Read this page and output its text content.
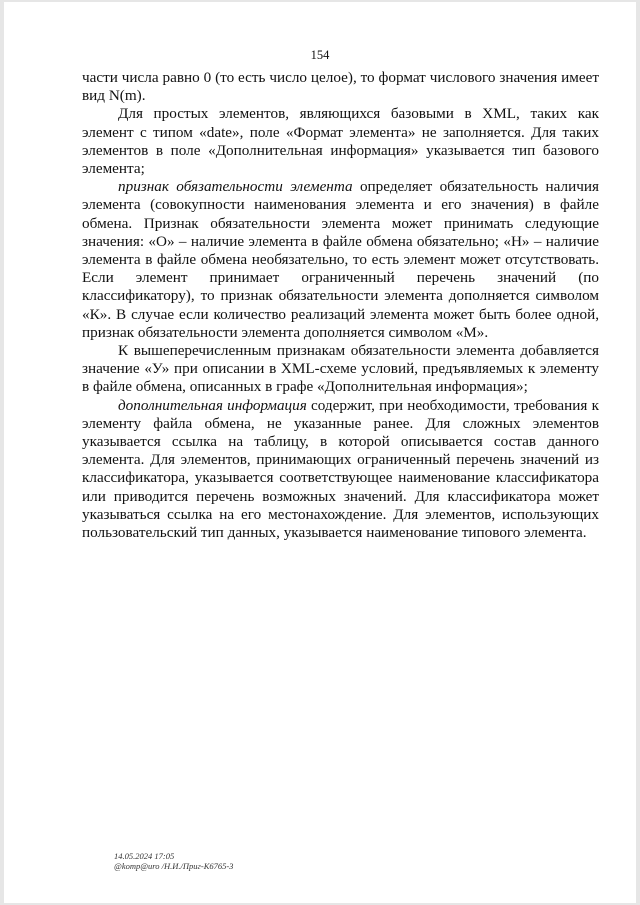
154

части числа равно 0 (то есть число целое), то формат числового значения имеет вид N(m).

Для простых элементов, являющихся базовыми в XML, таких как элемент с типом «date», поле «Формат элемента» не заполняется. Для таких элементов в поле «Дополнительная информация» указывается тип базового элемента;

признак обязательности элемента определяет обязательность наличия элемента (совокупности наименования элемента и его значения) в файле обмена. Признак обязательности элемента может принимать следующие значения: «О» – наличие элемента в файле обмена обязательно; «Н» – наличие элемента в файле обмена необязательно, то есть элемент может отсутствовать. Если элемент принимает ограниченный перечень значений (по классификатору), то признак обязательности элемента дополняется символом «К». В случае если количество реализаций элемента может быть более одной, признак обязательности элемента дополняется символом «М».

К вышеперечисленным признакам обязательности элемента добавляется значение «У» при описании в XML-схеме условий, предъявляемых к элементу в файле обмена, описанных в графе «Дополнительная информация»;

дополнительная информация содержит, при необходимости, требования к элементу файла обмена, не указанные ранее. Для сложных элементов указывается ссылка на таблицу, в которой описывается состав данного элемента. Для элементов, принимающих ограниченный перечень значений из классификатора, указывается соответствующее наименование классификатора или приводится перечень возможных значений. Для классификатора может указываться ссылка на его местонахождение. Для элементов, использующих пользовательский тип данных, указывается наименование типового элемента.

14.05.2024 17:05
@komp@uro /Н.И./Приг-К6765-3
